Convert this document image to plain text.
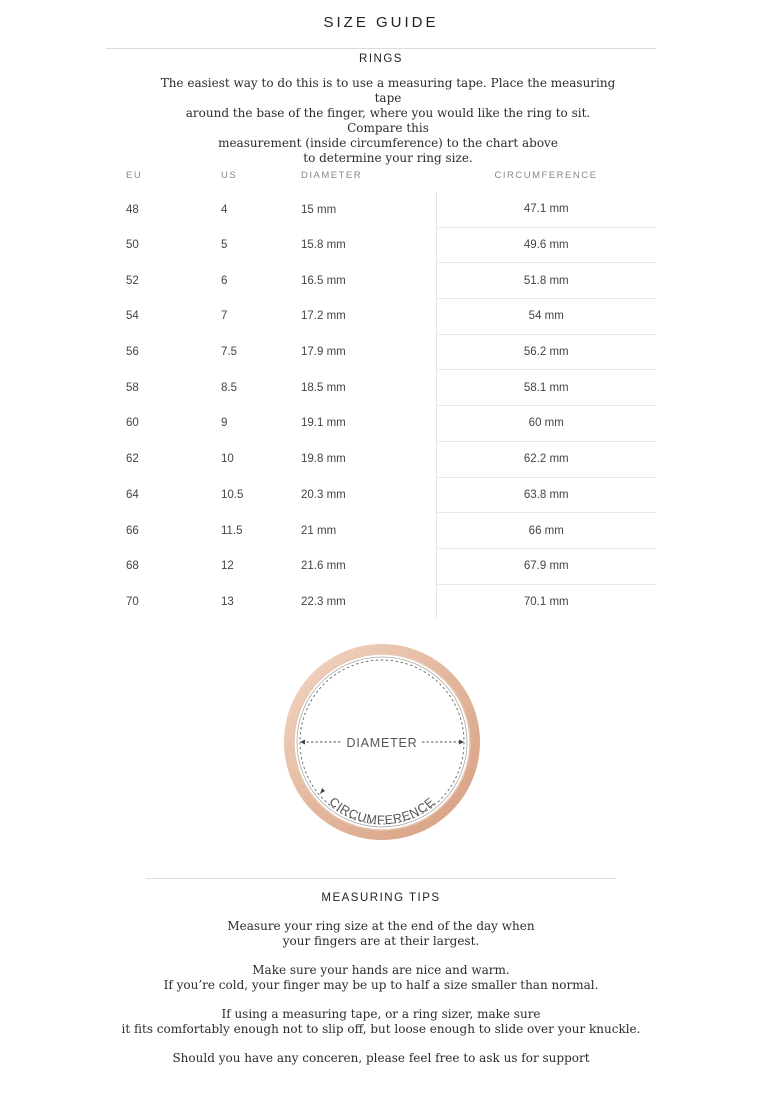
SIZE GUIDE
RINGS
The easiest way to do this is to use a measuring tape. Place the measuring tape
around the base of the finger, where you would like the ring to sit. Compare this
measurement (inside circumference) to the chart above
to determine your ring size.
EU	US	DIAMETER	CIRCUMFERENCE
48	4	15 mm	47.1 mm
50	5	15.8 mm	49.6 mm
52	6	16.5 mm	51.8 mm
54	7	17.2 mm	54 mm
56	7.5	17.9 mm	56.2 mm
58	8.5	18.5 mm	58.1 mm
60	9	19.1 mm	60 mm
62	10	19.8 mm	62.2 mm
64	10.5	20.3 mm	63.8 mm
66	11.5	21 mm	66 mm
68	12	21.6 mm	67.9 mm
70	13	22.3 mm	70.1 mm
DIAMETER
CIRCUMFERENCE
MEASURING TIPS

Measure your ring size at the end of the day when
your fingers are at their largest.

Make sure your hands are nice and warm.
If you’re cold, your finger may be up to half a size smaller than normal.

If using a measuring tape, or a ring sizer, make sure
it fits comfortably enough not to slip off, but loose enough to slide over your knuckle.

Should you have any conceren, please feel free to ask us for support
